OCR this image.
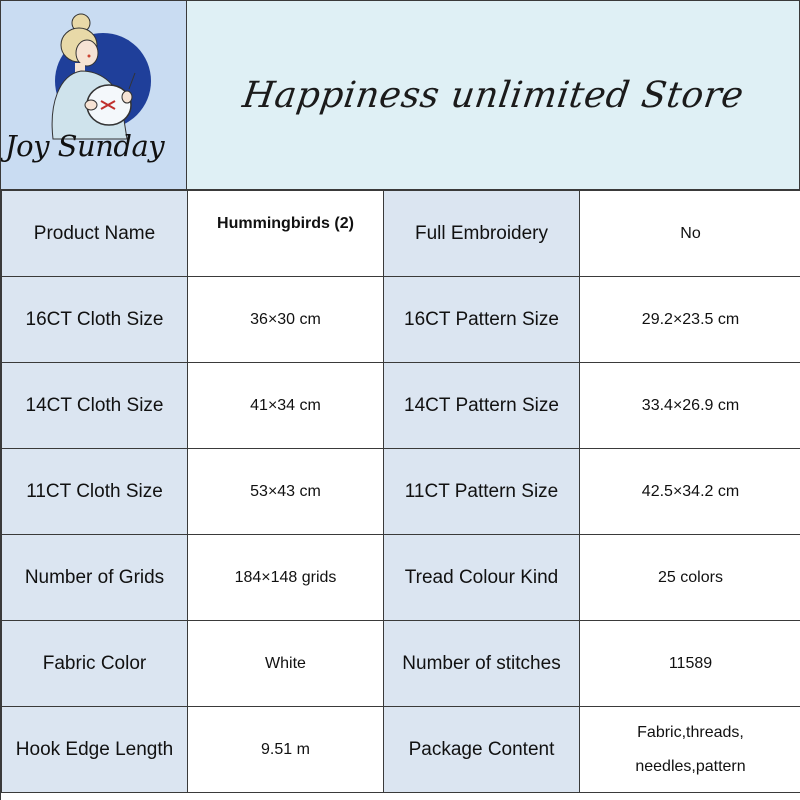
Joy Sunday
Happiness unlimited Store
Product Name	Hummingbirds (2)	Full Embroidery	No
16CT Cloth Size	36×30 cm	16CT Pattern Size	29.2×23.5 cm
14CT Cloth Size	41×34 cm	14CT Pattern Size	33.4×26.9 cm
11CT Cloth Size	53×43 cm	11CT Pattern Size	42.5×34.2 cm
Number of Grids	184×148 grids	Tread Colour Kind	25 colors
Fabric Color	White	Number of stitches	11589
Hook Edge Length	9.51 m	Package Content	Fabric,threads,
needles,pattern
